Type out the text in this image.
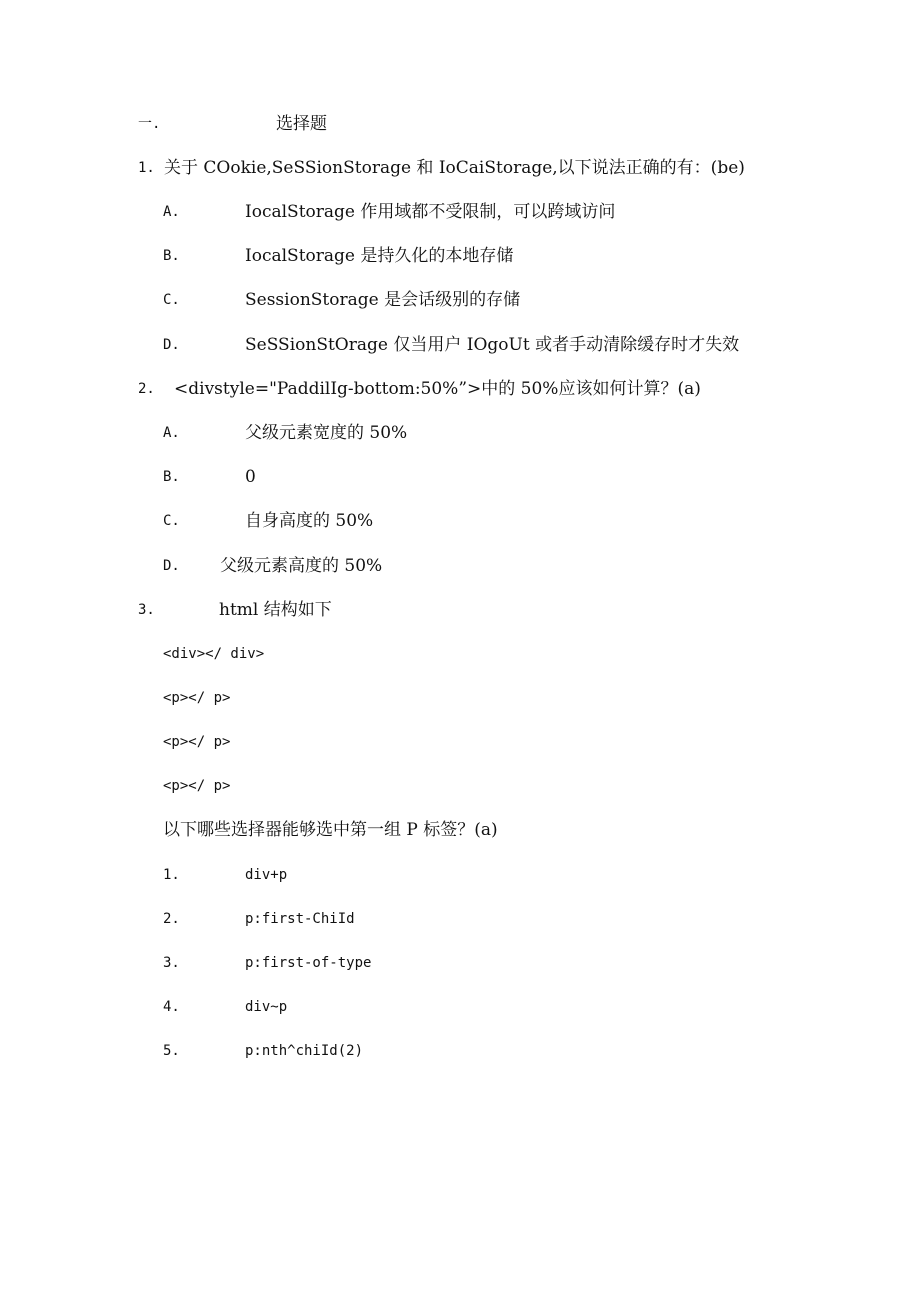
一.	选择题
1. 关于 COokie,SeSSionStorage 和 IoCaiStorage,以下说法正确的有：(be)
A.	IocalStorage 作用域都不受限制，可以跨域访问
B.	IocalStorage 是持久化的本地存储
C.	SessionStorage 是会话级别的存储
D.	SeSSionStOrage 仅当用户 IOgoUt 或者手动清除缓存时才失效
2. <divstyle="PaddilIg-bottom:50%”>中的 50%应该如何计算？(a)
A.	父级元素宽度的 50%
B.	0
C.	自身高度的 50%
D. 父级元素高度的 50%
3.	html 结构如下
<div></ div>
<p></ p>
<p></ p>
<p></ p>
以下哪些选择器能够选中第一组 P 标签？(a)
1.	div+p
2.	p:first-ChiId
3.	p:first-of-type
4.	div~p
5.	p:nth^chiId(2)
